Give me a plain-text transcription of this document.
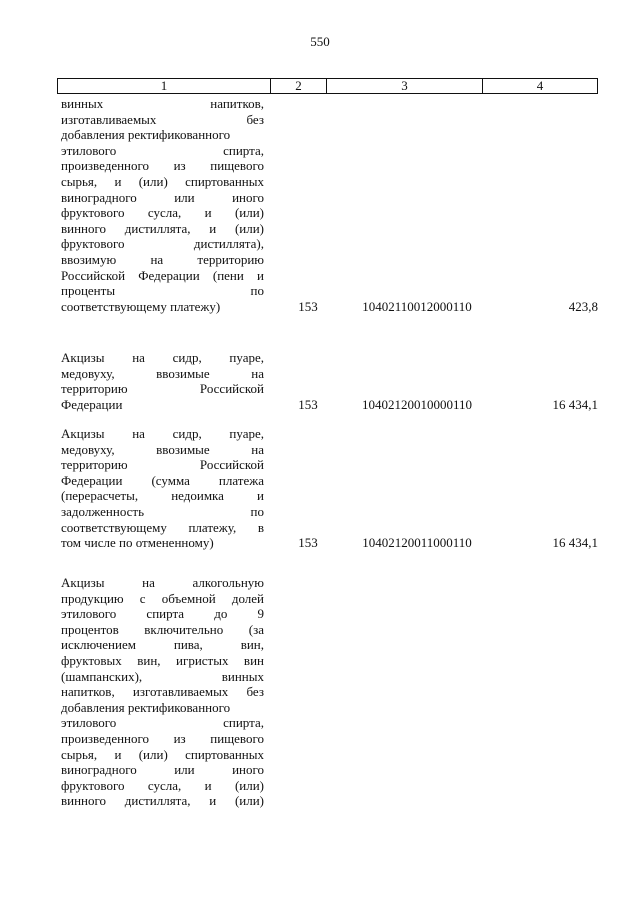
550
1	2	3	4
винных напитков,
изготавливаемых без
добавления ректификованного
этилового спирта,
произведенного из пищевого
сырья, и (или) спиртованных
виноградного или иного
фруктового сусла, и (или)
винного дистиллята, и (или)
фруктового дистиллята),
ввозимую на территорию
Российской Федерации (пени и
проценты по
соответствующему платежу)	153	10402110012000110	423,8
Акцизы на сидр, пуаре,
медовуху, ввозимые на
территорию Российской
Федерации	153	10402120010000110	16 434,1
Акцизы на сидр, пуаре,
медовуху, ввозимые на
территорию Российской
Федерации (сумма платежа
(перерасчеты, недоимка и
задолженность по
соответствующему платежу, в
том числе по отмененному)	153	10402120011000110	16 434,1
Акцизы на алкогольную
продукцию с объемной долей
этилового спирта до 9
процентов включительно (за
исключением пива, вин,
фруктовых вин, игристых вин
(шампанских), винных
напитков, изготавливаемых без
добавления ректификованного
этилового спирта,
произведенного из пищевого
сырья, и (или) спиртованных
виноградного или иного
фруктового сусла, и (или)
винного дистиллята, и (или)
